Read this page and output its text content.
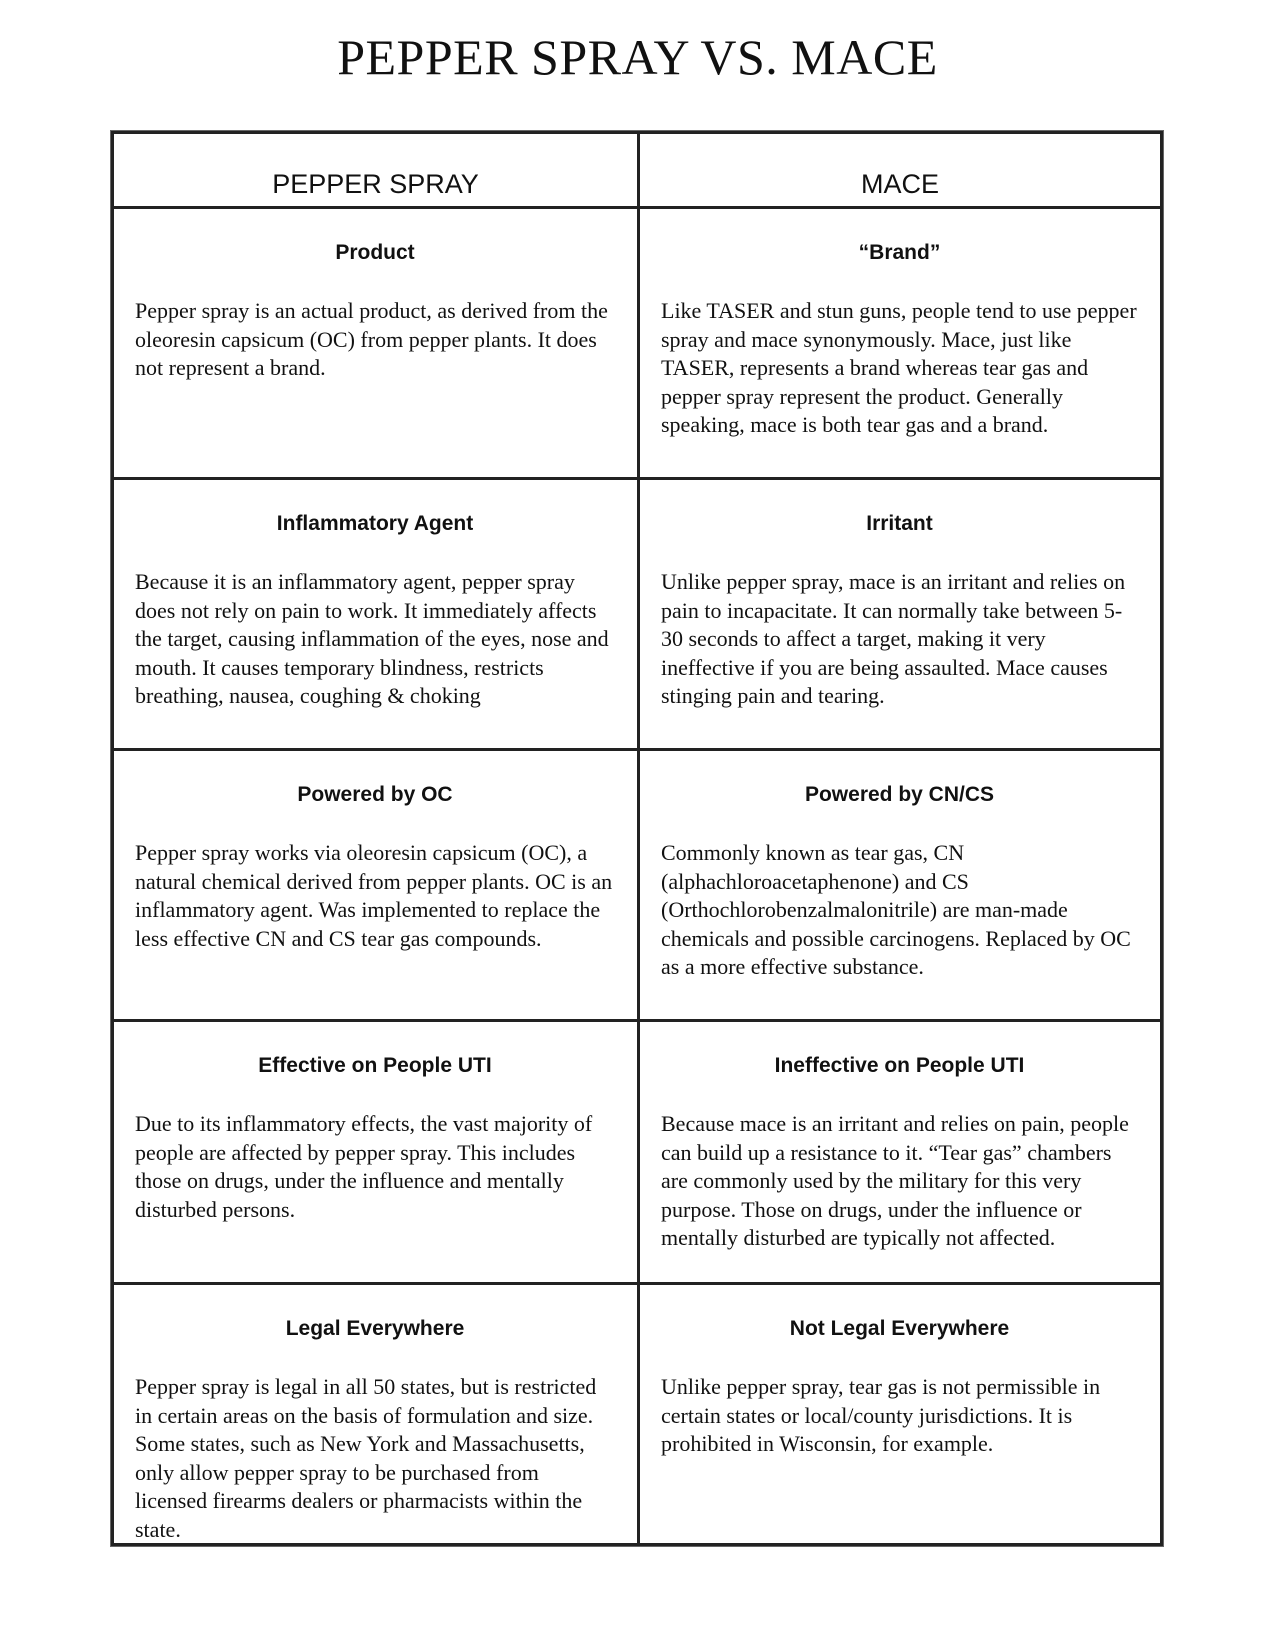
PEPPER SPRAY VS. MACE
PEPPER SPRAY	MACE
Product
Pepper spray is an actual product, as derived from the oleoresin capsicum (OC) from pepper plants. It does not represent a brand.
“Brand”
Like TASER and stun guns, people tend to use pepper spray and mace synonymously. Mace, just like TASER, represents a brand whereas tear gas and pepper spray represent the product. Generally speaking, mace is both tear gas and a brand.
Inflammatory Agent
Because it is an inflammatory agent, pepper spray does not rely on pain to work. It immediately affects the target, causing inflammation of the eyes, nose and mouth. It causes temporary blindness, restricts breathing, nausea, coughing & choking
Irritant
Unlike pepper spray, mace is an irritant and relies on pain to incapacitate. It can normally take between 5-30 seconds to affect a target, making it very ineffective if you are being assaulted. Mace causes stinging pain and tearing.
Powered by OC
Pepper spray works via oleoresin capsicum (OC), a natural chemical derived from pepper plants. OC is an inflammatory agent. Was implemented to replace the less effective CN and CS tear gas compounds.
Powered by CN/CS
Commonly known as tear gas, CN (alphachloroacetaphenone) and CS (Orthochlorobenzalmalonitrile) are man-made chemicals and possible carcinogens. Replaced by OC as a more effective substance.
Effective on People UTI
Due to its inflammatory effects, the vast majority of people are affected by pepper spray. This includes those on drugs, under the influence and mentally disturbed persons.
Ineffective on People UTI
Because mace is an irritant and relies on pain, people can build up a resistance to it. “Tear gas” chambers are commonly used by the military for this very purpose. Those on drugs, under the influence or mentally disturbed are typically not affected.
Legal Everywhere
Pepper spray is legal in all 50 states, but is restricted in certain areas on the basis of formulation and size. Some states, such as New York and Massachusetts, only allow pepper spray to be purchased from licensed firearms dealers or pharmacists within the state.
Not Legal Everywhere
Unlike pepper spray, tear gas is not permissible in certain states or local/county jurisdictions. It is prohibited in Wisconsin, for example.
